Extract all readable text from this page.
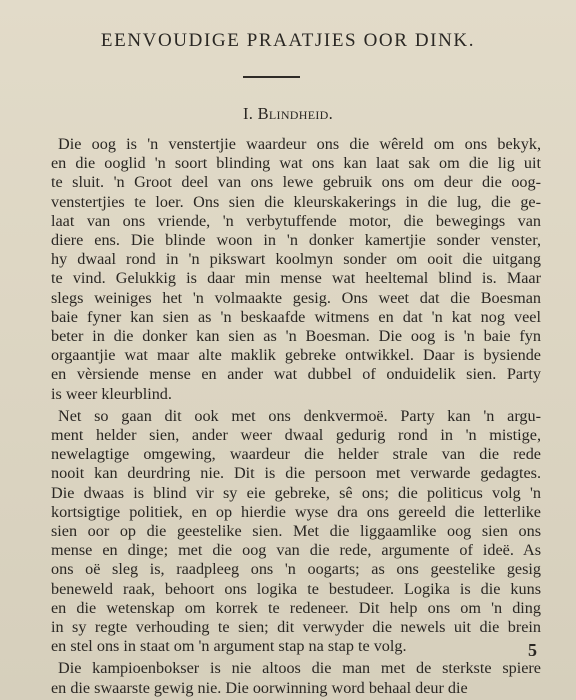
EENVOUDIGE PRAATJIES OOR DINK.
I. Blindheid.
Die oog is 'n venstertjie waardeur ons die wêreld om ons bekyk,
en die ooglid 'n soort blinding wat ons kan laat sak om die lig uit
te sluit. 'n Groot deel van ons lewe gebruik ons om deur die oog-
venstertjies te loer. Ons sien die kleurskakerings in die lug, die ge-
laat van ons vriende, 'n verbytuffende motor, die bewegings van
diere ens. Die blinde woon in 'n donker kamertjie sonder venster,
hy dwaal rond in 'n pikswart koolmyn sonder om ooit die uitgang
te vind. Gelukkig is daar min mense wat heeltemal blind is. Maar
slegs weiniges het 'n volmaakte gesig. Ons weet dat die Boesman
baie fyner kan sien as 'n beskaafde witmens en dat 'n kat nog veel
beter in die donker kan sien as 'n Boesman. Die oog is 'n baie fyn
orgaantjie wat maar alte maklik gebreke ontwikkel. Daar is bysiende
en vèrsiende mense en ander wat dubbel of onduidelik sien. Party
is weer kleurblind.
Net so gaan dit ook met ons denkvermoë. Party kan 'n argu-
ment helder sien, ander weer dwaal gedurig rond in 'n mistige,
newelagtige omgewing, waardeur die helder strale van die rede
nooit kan deurdring nie. Dit is die persoon met verwarde gedagtes.
Die dwaas is blind vir sy eie gebreke, sê ons; die politicus volg 'n
kortsigtige politiek, en op hierdie wyse dra ons gereeld die letterlike
sien oor op die geestelike sien. Met die liggaamlike oog sien ons
mense en dinge; met die oog van die rede, argumente of ideë. As
ons oë sleg is, raadpleeg ons 'n oogarts; as ons geestelike gesig
beneweld raak, behoort ons logika te bestudeer. Logika is die kuns
en die wetenskap om korrek te redeneer. Dit help ons om 'n ding
in sy regte verhouding te sien; dit verwyder die newels uit die brein
en stel ons in staat om 'n argument stap na stap te volg.
Die kampioenbokser is nie altoos die man met de sterkste spiere
en die swaarste gewig nie. Die oorwinning word behaal deur die
5
